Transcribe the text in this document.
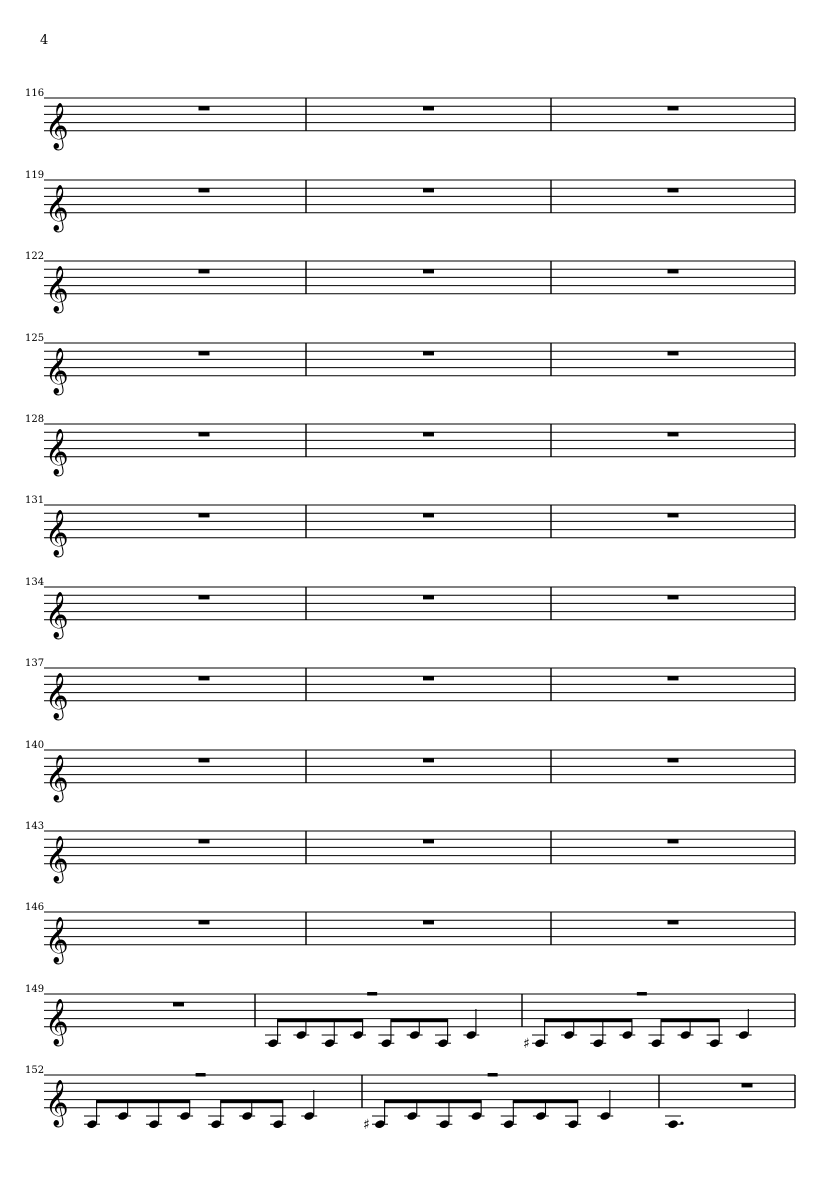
4
𝄞
116
𝄞
119
𝄞
122
𝄞
125
𝄞
128
𝄞
131
𝄞
134
𝄞
137
𝄞
140
𝄞
143
𝄞
146
𝄞
149
♯
𝄞
152
♯
